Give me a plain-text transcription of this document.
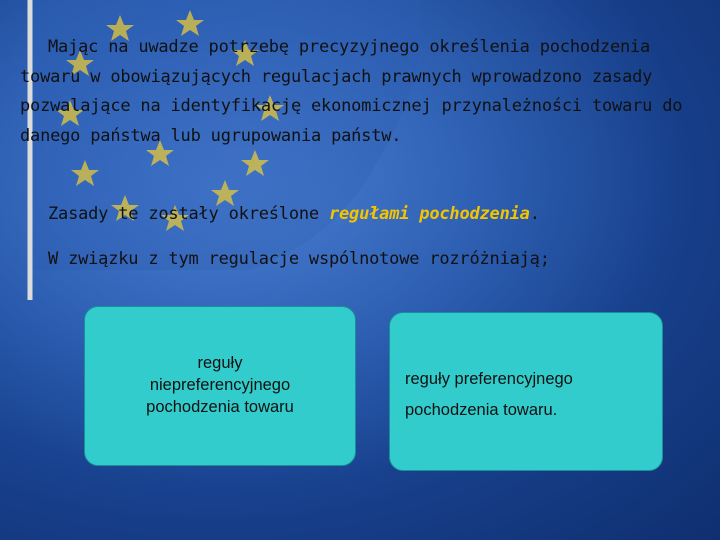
Mając na uwadze potrzebę precyzyjnego określenia pochodzenia towaru w obowiązujących regulacjach prawnych wprowadzono zasady pozwalające na identyfikację ekonomicznej przynależności towaru do danego państwa lub ugrupowania państw.
Zasady te zostały określone regułami pochodzenia.
W związku z tym regulacje wspólnotowe rozróżniają;
reguły
niepreferencyjnego
pochodzenia towaru
reguły preferencyjnego
pochodzenia towaru.
